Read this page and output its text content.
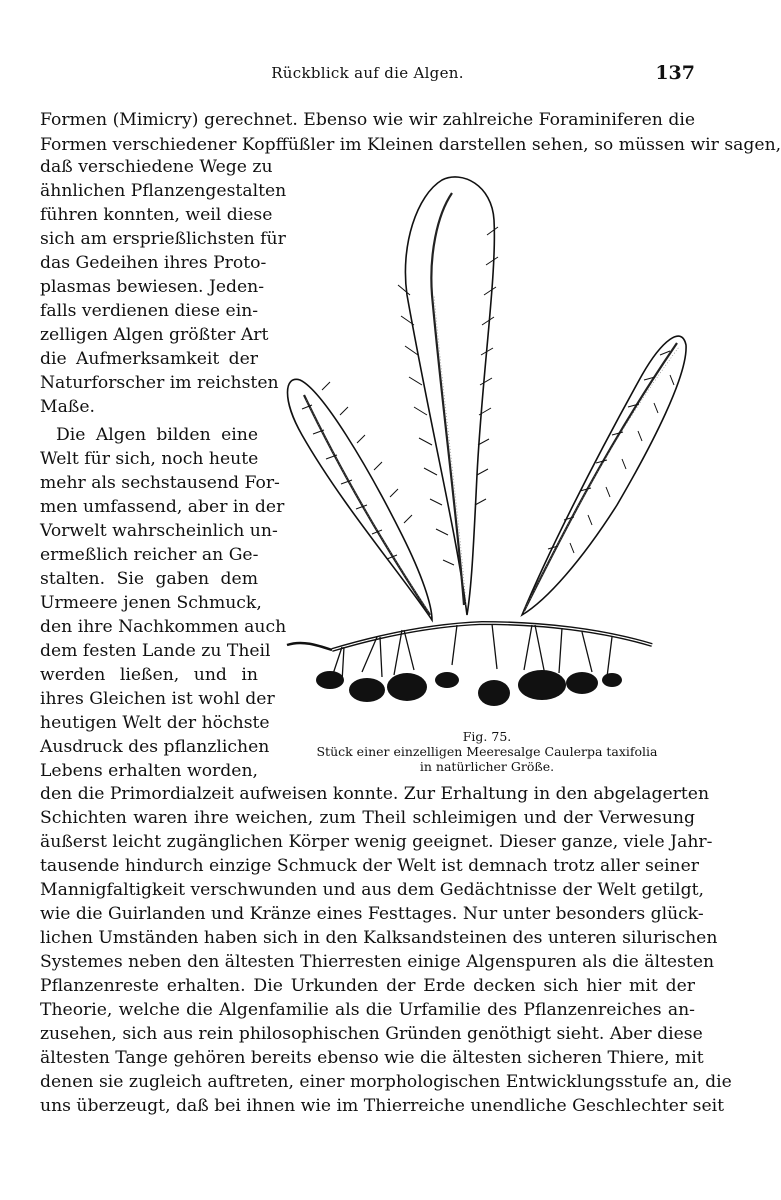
Rückblick auf die Algen.	137
Formen (Mimicry) gerechnet. Ebenso wie wir zahlreiche Foraminiferen die
Formen verschiedener Kopffüßler im Kleinen darstellen sehen, so müssen wir sagen,
daß verschiedene Wege zu
ähnlichen Pflanzengestalten
führen konnten, weil diese
sich am ersprießlichsten für
das Gedeihen ihres Proto-
plasmas bewiesen. Jeden-
falls verdienen diese ein-
zelligen Algen größter Art
die Aufmerksamkeit der
Naturforscher im reichsten
Maße.
Die Algen bilden eine
Welt für sich, noch heute
mehr als sechstausend For-
men umfassend, aber in der
Vorwelt wahrscheinlich un-
ermeßlich reicher an Ge-
stalten. Sie gaben dem
Urmeere jenen Schmuck,
den ihre Nachkommen auch
dem festen Lande zu Theil
werden ließen, und in
ihres Gleichen ist wohl der
heutigen Welt der höchste
Ausdruck des pflanzlichen
Lebens erhalten worden,
Fig. 75.
Stück einer einzelligen Meeresalge Caulerpa taxifolia
in natürlicher Größe.
den die Primordialzeit aufweisen konnte. Zur Erhaltung in den abgelagerten
Schichten waren ihre weichen, zum Theil schleimigen und der Verwesung
äußerst leicht zugänglichen Körper wenig geeignet. Dieser ganze, viele Jahr-
tausende hindurch einzige Schmuck der Welt ist demnach trotz aller seiner
Mannigfaltigkeit verschwunden und aus dem Gedächtnisse der Welt getilgt,
wie die Guirlanden und Kränze eines Festtages. Nur unter besonders glück-
lichen Umständen haben sich in den Kalksandsteinen des unteren silurischen
Systemes neben den ältesten Thierresten einige Algenspuren als die ältesten
Pflanzenreste erhalten. Die Urkunden der Erde decken sich hier mit der
Theorie, welche die Algenfamilie als die Urfamilie des Pflanzenreiches an-
zusehen, sich aus rein philosophischen Gründen genöthigt sieht. Aber diese
ältesten Tange gehören bereits ebenso wie die ältesten sicheren Thiere, mit
denen sie zugleich auftreten, einer morphologischen Entwicklungsstufe an, die
uns überzeugt, daß bei ihnen wie im Thierreiche unendliche Geschlechter seit
